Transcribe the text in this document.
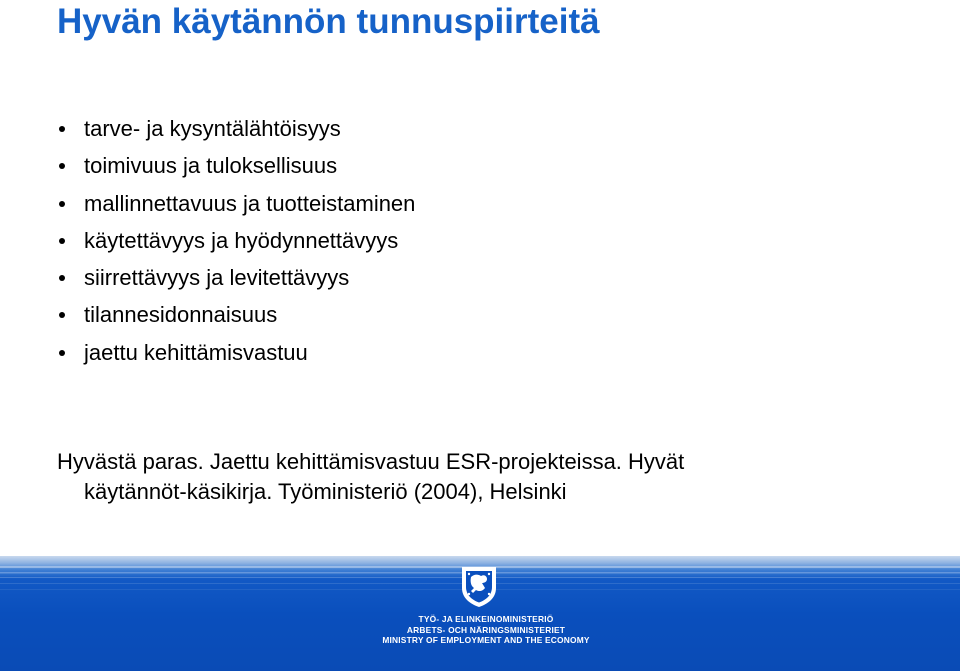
Hyvän käytännön tunnuspiirteitä
tarve- ja kysyntälähtöisyys
toimivuus ja tuloksellisuus
mallinnettavuus ja tuotteistaminen
käytettävyys ja hyödynnettävyys
siirrettävyys ja levitettävyys
tilannesidonnaisuus
jaettu kehittämisvastuu
Hyvästä paras. Jaettu kehittämisvastuu ESR-projekteissa. Hyvät
käytännöt-käsikirja. Työministeriö (2004), Helsinki
TYÖ- JA ELINKEINOMINISTERIÖ
ARBETS- OCH NÄRINGSMINISTERIET
MINISTRY OF EMPLOYMENT AND THE ECONOMY
